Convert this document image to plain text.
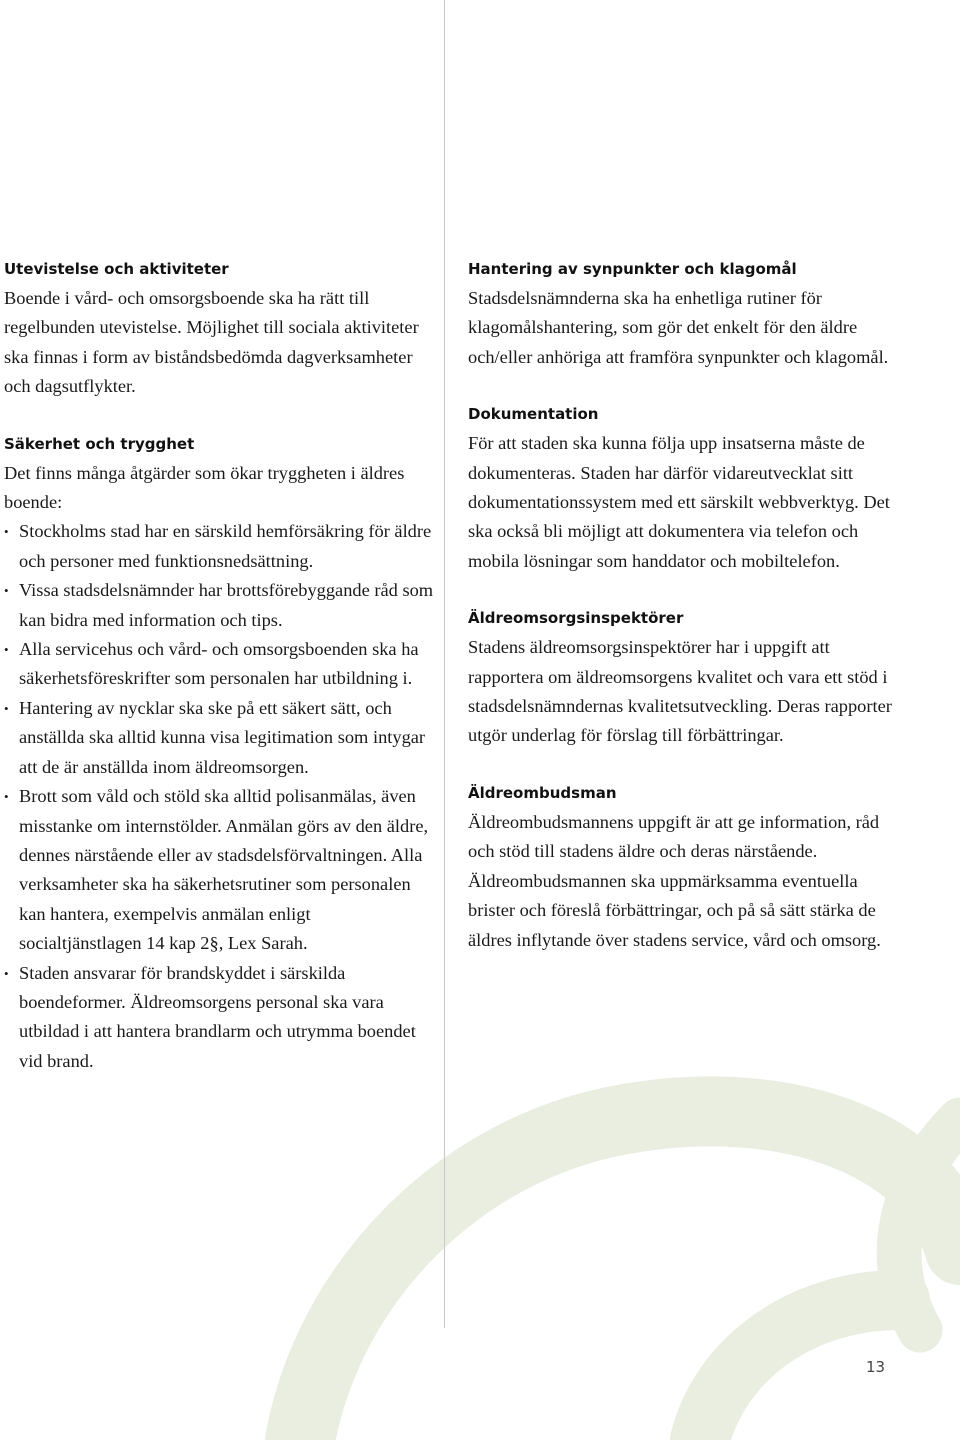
Utevistelse och aktiviteter
Boende i vård- och omsorgsboende ska ha rätt till regelbunden utevistelse. Möjlighet till sociala aktiviteter ska finnas i form av biståndsbedömda dagverksamheter och dagsutflykter.
Säkerhet och trygghet
Det finns många åtgärder som ökar tryggheten i äldres boende:
• Stockholms stad har en särskild hemförsäkring för äldre och personer med funktionsnedsättning.
• Vissa stadsdelsnämnder har brottsförebyggande råd som kan bidra med information och tips.
• Alla servicehus och vård- och omsorgsboenden ska ha säkerhetsföreskrifter som personalen har utbildning i.
• Hantering av nycklar ska ske på ett säkert sätt, och anställda ska alltid kunna visa legitimation som intygar att de är anställda inom äldreomsorgen.
• Brott som våld och stöld ska alltid polisanmälas, även misstanke om internstölder. Anmälan görs av den äldre, dennes närstående eller av stadsdelsförvaltningen. Alla verksamheter ska ha säkerhetsrutiner som personalen kan hantera, exempelvis anmälan enligt socialtjänstlagen 14 kap 2§, Lex Sarah.
• Staden ansvarar för brandskyddet i särskilda boendeformer. Äldreomsorgens personal ska vara utbildad i att hantera brandlarm och utrymma boendet vid brand.
Hantering av synpunkter och klagomål
Stadsdelsnämnderna ska ha enhetliga rutiner för klagomålshantering, som gör det enkelt för den äldre och/eller anhöriga att framföra synpunkter och klagomål.
Dokumentation
För att staden ska kunna följa upp insatserna måste de dokumenteras. Staden har därför vidareutvecklat sitt dokumentationssystem med ett särskilt webbverktyg. Det ska också bli möjligt att dokumentera via telefon och mobila lösningar som handdator och mobiltelefon.
Äldreomsorgsinspektörer
Stadens äldreomsorgsinspektörer har i uppgift att rapportera om äldreomsorgens kvalitet och vara ett stöd i stadsdelsnämndernas kvalitetsutveckling. Deras rapporter utgör underlag för förslag till förbättringar.
Äldreombudsman
Äldreombudsmannens uppgift är att ge information, råd och stöd till stadens äldre och deras närstående. Äldreombudsmannen ska uppmärksamma eventuella brister och föreslå förbättringar, och på så sätt stärka de äldres inflytande över stadens service, vård och omsorg.
13
